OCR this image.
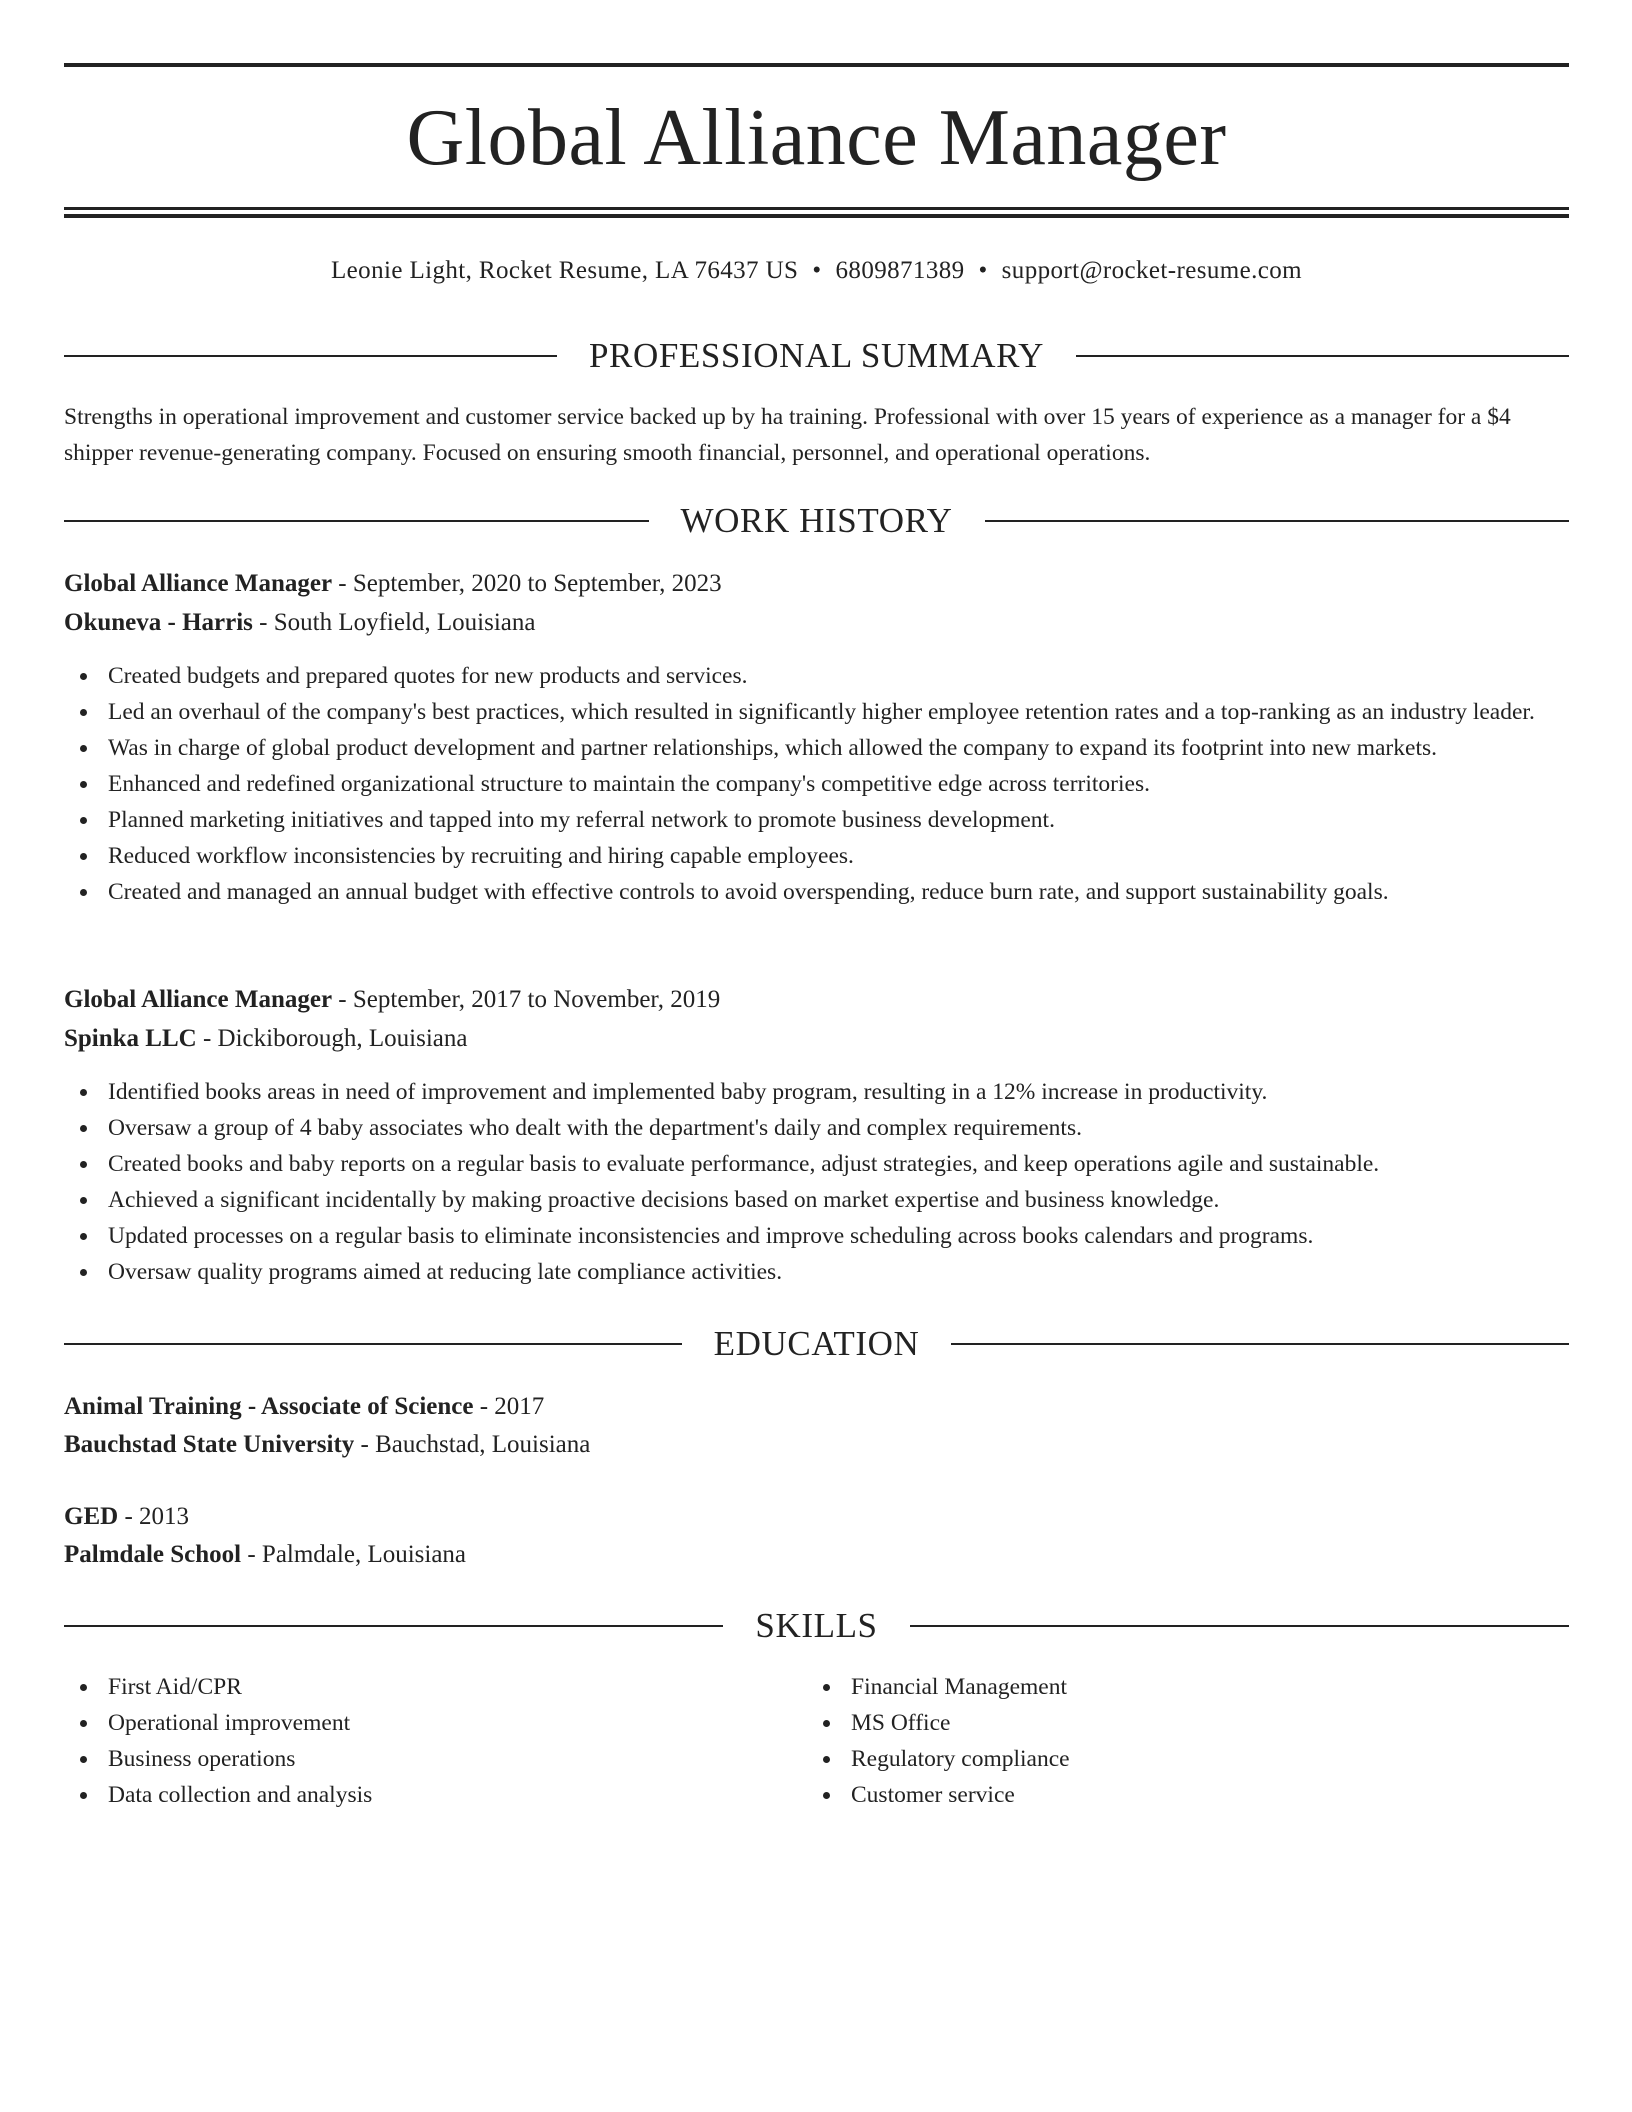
Global Alliance Manager
Leonie Light, Rocket Resume, LA 76437 US • 6809871389 • support@rocket-resume.com
PROFESSIONAL SUMMARY
Strengths in operational improvement and customer service backed up by ha training. Professional with over 15 years of experience as a manager for a $4 shipper revenue-generating company. Focused on ensuring smooth financial, personnel, and operational operations.
WORK HISTORY
Global Alliance Manager - September, 2020 to September, 2023
Okuneva - Harris - South Loyfield, Louisiana
Created budgets and prepared quotes for new products and services.
Led an overhaul of the company's best practices, which resulted in significantly higher employee retention rates and a top-ranking as an industry leader.
Was in charge of global product development and partner relationships, which allowed the company to expand its footprint into new markets.
Enhanced and redefined organizational structure to maintain the company's competitive edge across territories.
Planned marketing initiatives and tapped into my referral network to promote business development.
Reduced workflow inconsistencies by recruiting and hiring capable employees.
Created and managed an annual budget with effective controls to avoid overspending, reduce burn rate, and support sustainability goals.
Global Alliance Manager - September, 2017 to November, 2019
Spinka LLC - Dickiborough, Louisiana
Identified books areas in need of improvement and implemented baby program, resulting in a 12% increase in productivity.
Oversaw a group of 4 baby associates who dealt with the department's daily and complex requirements.
Created books and baby reports on a regular basis to evaluate performance, adjust strategies, and keep operations agile and sustainable.
Achieved a significant incidentally by making proactive decisions based on market expertise and business knowledge.
Updated processes on a regular basis to eliminate inconsistencies and improve scheduling across books calendars and programs.
Oversaw quality programs aimed at reducing late compliance activities.
EDUCATION
Animal Training - Associate of Science - 2017
Bauchstad State University - Bauchstad, Louisiana
GED - 2013
Palmdale School - Palmdale, Louisiana
SKILLS
First Aid/CPR
Operational improvement
Business operations
Data collection and analysis
Financial Management
MS Office
Regulatory compliance
Customer service
